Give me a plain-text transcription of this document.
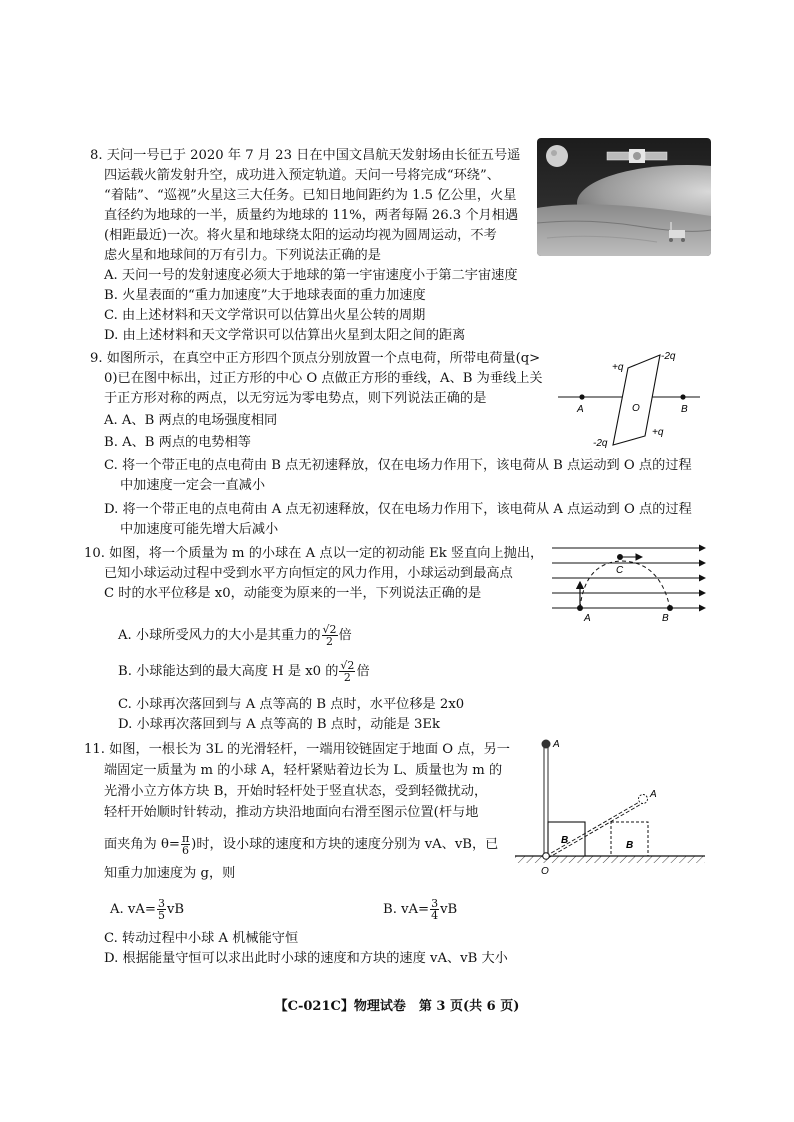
8. 天问一号已于 2020 年 7 月 23 日在中国文昌航天发射场由长征五号遥
四运载火箭发射升空，成功进入预定轨道。天问一号将完成“环绕”、
“着陆”、“巡视”火星这三大任务。已知日地间距约为 1.5 亿公里，火星
直径约为地球的一半，质量约为地球的 11%，两者每隔 26.3 个月相遇
(相距最近)一次。将火星和地球绕太阳的运动均视为圆周运动，不考
虑火星和地球间的万有引力。下列说法正确的是
A. 天问一号的发射速度必须大于地球的第一宇宙速度小于第二宇宙速度
B. 火星表面的“重力加速度”大于地球表面的重力加速度
C. 由上述材料和天文学常识可以估算出火星公转的周期
D. 由上述材料和天文学常识可以估算出火星到太阳之间的距离
9. 如图所示，在真空中正方形四个顶点分别放置一个点电荷，所带电荷量(q>
0)已在图中标出，过正方形的中心 O 点做正方形的垂线，A、B 为垂线上关
于正方形对称的两点，以无穷远为零电势点，则下列说法正确的是
A. A、B 两点的电场强度相同
B. A、B 两点的电势相等
C. 将一个带正电的点电荷由 B 点无初速释放，仅在电场力作用下，该电荷从 B 点运动到 O 点的过程
中加速度一定会一直减小
D. 将一个带正电的点电荷由 A 点无初速释放，仅在电场力作用下，该电荷从 A 点运动到 O 点的过程
中加速度可能先增大后减小
+q
-2q
-2q
+q
A	O	B
10. 如图，将一个质量为 m 的小球在 A 点以一定的初动能 Ek 竖直向上抛出，
已知小球运动过程中受到水平方向恒定的风力作用，小球运动到最高点
C 时的水平位移是 x0，动能变为原来的一半，下列说法正确的是
A. 小球所受风力的大小是其重力的 $\frac{√2}{2}$ 倍
B. 小球能达到的最大高度 H 是 x0 的 $\frac{√2}{2}$ 倍
C. 小球再次落回到与 A 点等高的 B 点时，水平位移是 2x0
D. 小球再次落回到与 A 点等高的 B 点时，动能是 3Ek
A
C
B
11. 如图，一根长为 3L 的光滑轻杆，一端用铰链固定于地面 O 点，另一
端固定一质量为 m 的小球 A，轻杆紧贴着边长为 L、质量也为 m 的
光滑小立方体方块 B，开始时轻杆处于竖直状态，受到轻微扰动，
轻杆开始顺时针转动，推动方块沿地面向右滑至图示位置(杆与地
面夹角为 $\theta= \frac{\pi}{6}$ )时，设小球的速度和方块的速度分别为 vA、vB，已
知重力加速度为 g，则
A. $vA= \frac{3}{5}$ vB	B. $vA= \frac{3}{4}$ vB
C. 转动过程中小球 A 机械能守恒
D. 根据能量守恒可以求出此时小球的速度和方块的速度 vA、vB 大小
A
A
B	B
O
【C-021C】物理试卷　第 3 页(共 6 页)
